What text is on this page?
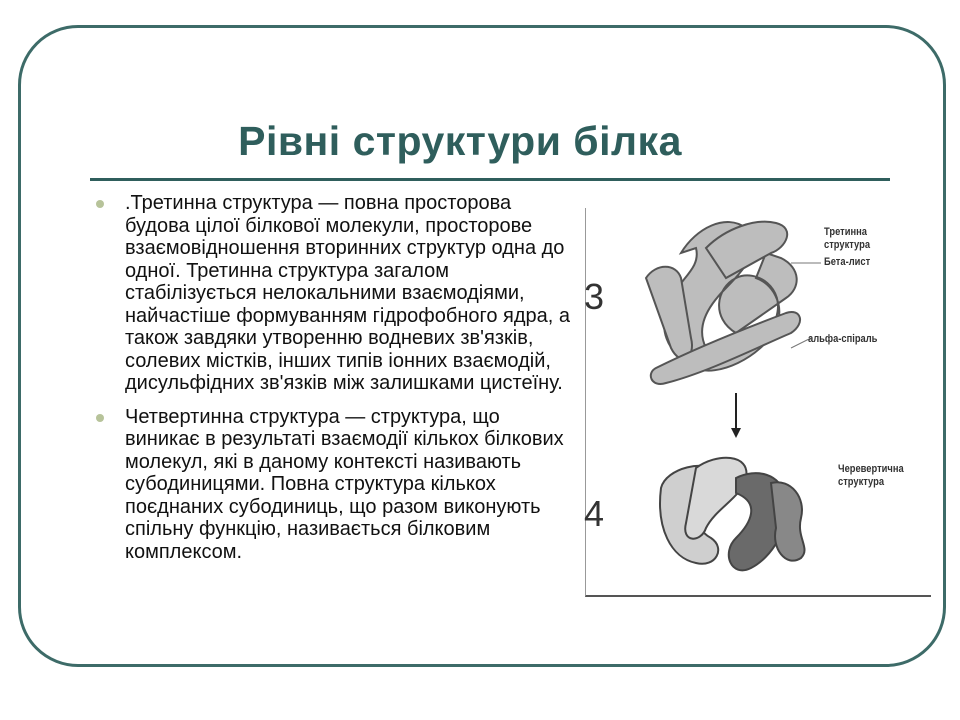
Рівні структури білка
.Третинна структура — повна просторова будова цілої білкової молекули, просторове взаємовідношення вторинних структур одна до одної. Третинна структура загалом стабілізується нелокальними взаємодіями, найчастіше формуванням гідрофобного ядра, а також завдяки утворенню водневих зв'язків, солевих містків, інших типів іонних взаємодій, дисульфідних зв'язків між залишками цистеїну.
Четвертинна структура — структура, що виникає в результаті взаємодії кількох білкових молекул, які в даному контексті називають субодиницями. Повна структура кількох поєднаних субодиниць, що разом виконують спільну функцію, називається білковим комплексом.
3
4
Третинна структура
Бета-лист
альфа-спіраль
Черевертична структура
